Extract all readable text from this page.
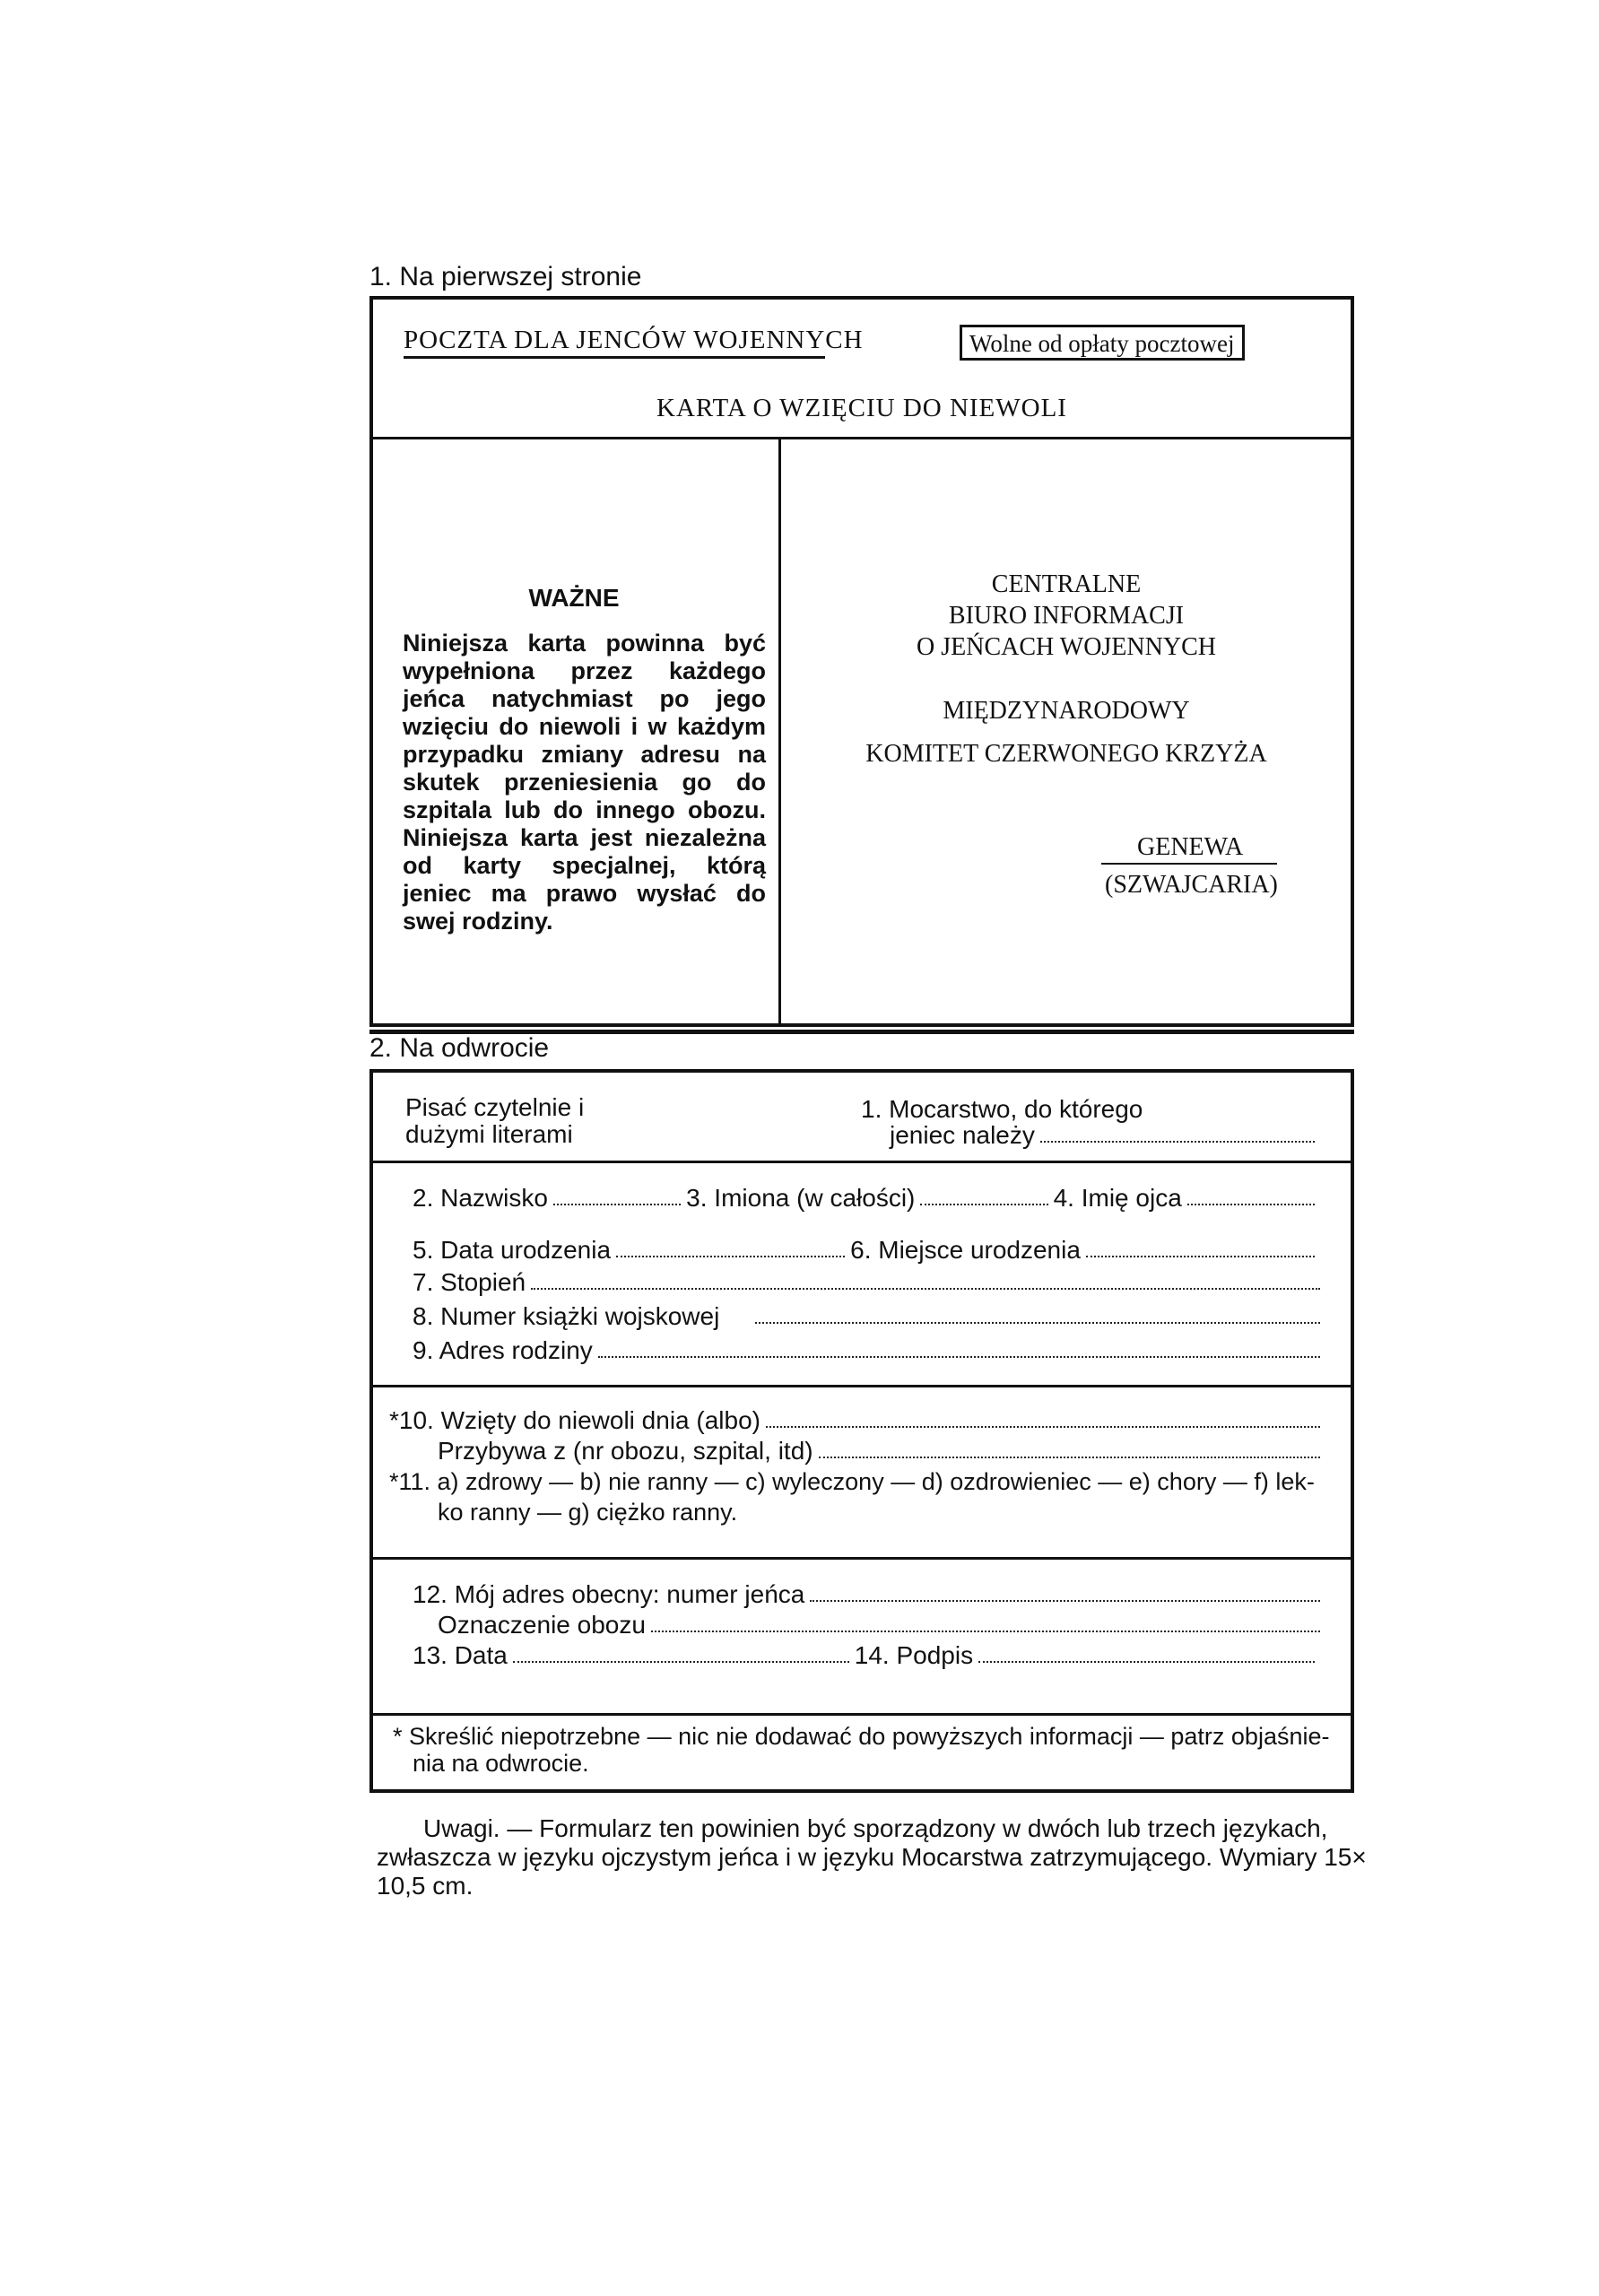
1. Na pierwszej stronie
POCZTA DLA JENCÓW WOJENNYCH	Wolne od opłaty pocztowej
KARTA O WZIĘCIU DO NIEWOLI
WAŻNE
Niniejsza karta powinna być wypełniona przez każdego jeńca natychmiast po jego wzięciu do niewoli i w każdym przypadku zmiany adresu na skutek przeniesienia go do szpitala lub do innego obozu. Niniejsza karta jest niezależna od karty specjalnej, którą jeniec ma prawo wysłać do swej rodziny.
CENTRALNE
BIURO INFORMACJI
O JEŃCACH WOJENNYCH
MIĘDZYNARODOWY
KOMITET CZERWONEGO KRZYŻA
GENEWA
(SZWAJCARIA)
2. Na odwrocie
Pisać czytelnie i
dużymi literami
1. Mocarstwo, do którego
jeniec należy
2. Nazwisko	3. Imiona (w całości)	4. Imię ojca
5. Data urodzenia	6. Miejsce urodzenia
7. Stopień
8. Numer książki wojskowej
9. Adres rodziny
*10. Wzięty do niewoli dnia (albo)
Przybywa z (nr obozu, szpital, itd)
*11. a) zdrowy — b) nie ranny — c) wyleczony — d) ozdrowieniec — e) chory — f) lek-
ko ranny — g) ciężko ranny.
12. Mój adres obecny: numer jeńca
Oznaczenie obozu
13. Data	14. Podpis
* Skreślić niepotrzebne — nic nie dodawać do powyższych informacji — patrz objaśnie-
nia na odwrocie.
Uwagi. — Formularz ten powinien być sporządzony w dwóch lub trzech językach,
zwłaszcza w języku ojczystym jeńca i w języku Mocarstwa zatrzymującego. Wymiary 15×
10,5 cm.
